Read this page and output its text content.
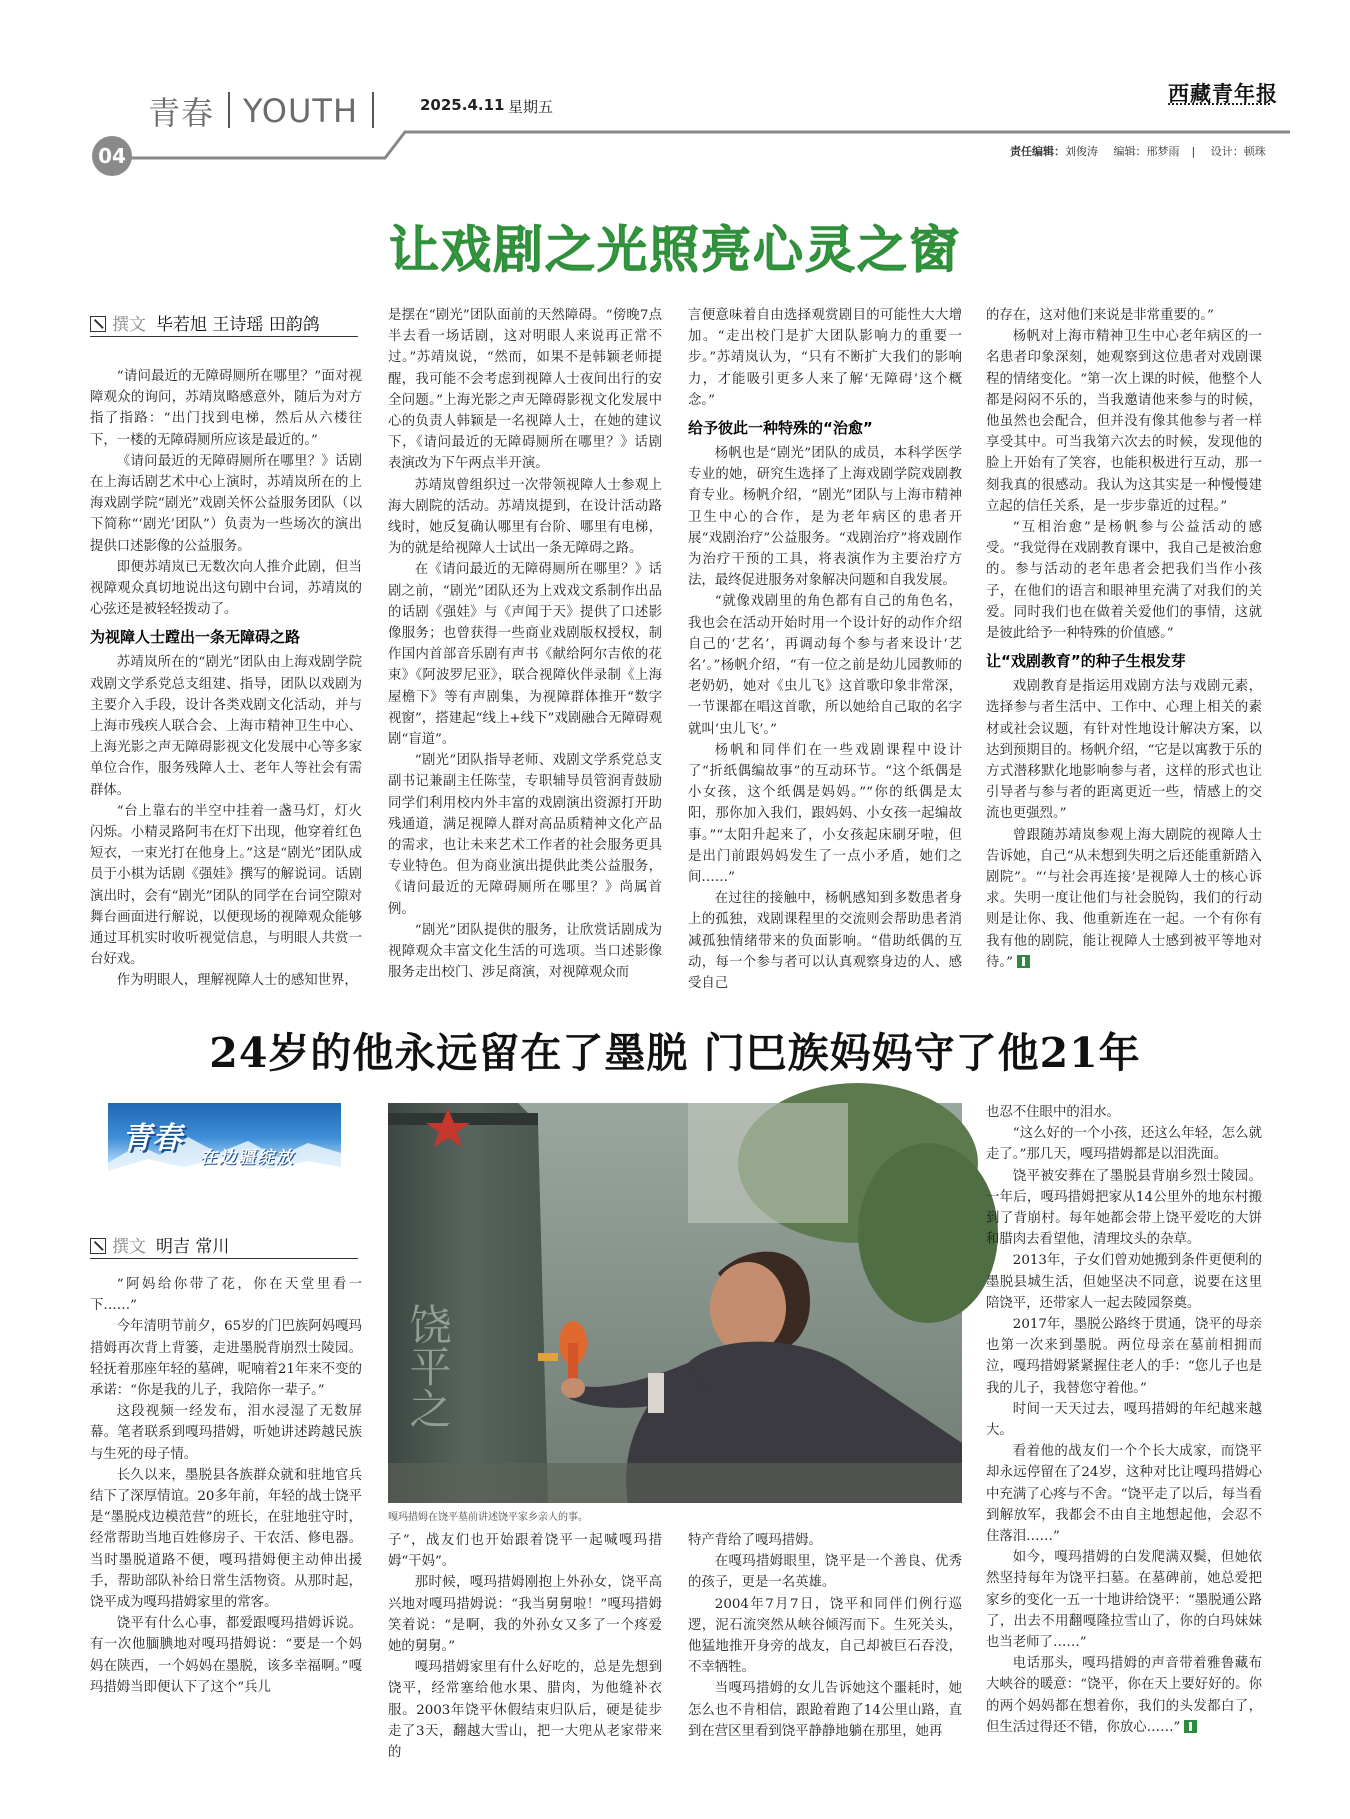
青春 YOUTH	2025.4.11 星期五
西藏青年报
04	责任编辑：刘俊涛 编辑：邢梦雨 | 设计：顿珠
让戏剧之光照亮心灵之窗
撰文 毕若旭 王诗瑶 田韵鸽

“请问最近的无障碍厕所在哪里？”面对视障观众的询问，苏靖岚略感意外，随后为对方指了指路：“出门找到电梯，然后从六楼往下，一楼的无障碍厕所应该是最近的。”

《请问最近的无障碍厕所在哪里？》话剧在上海话剧艺术中心上演时，苏靖岚所在的上海戏剧学院“剧光”戏剧关怀公益服务团队（以下简称“‘剧光’团队”）负责为一些场次的演出提供口述影像的公益服务。

即便苏靖岚已无数次向人推介此剧，但当视障观众真切地说出这句剧中台词，苏靖岚的心弦还是被轻轻拨动了。

为视障人士蹚出一条无障碍之路

苏靖岚所在的“剧光”团队由上海戏剧学院戏剧文学系党总支组建、指导，团队以戏剧为主要介入手段，设计各类戏剧文化活动，并与上海市残疾人联合会、上海市精神卫生中心、上海光影之声无障碍影视文化发展中心等多家单位合作，服务残障人士、老年人等社会有需群体。

“台上靠右的半空中挂着一盏马灯，灯火闪烁。小精灵路阿韦在灯下出现，他穿着红色短衣，一束光打在他身上。”这是“剧光”团队成员于小棋为话剧《强娃》撰写的解说词。话剧演出时，会有“剧光”团队的同学在台词空隙对舞台画面进行解说，以便现场的视障观众能够通过耳机实时收听视觉信息，与明眼人共赏一台好戏。

作为明眼人，理解视障人士的感知世界，

是摆在“剧光”团队面前的天然障碍。“傍晚7点半去看一场话剧，这对明眼人来说再正常不过。”苏靖岚说，“然而，如果不是韩颖老师提醒，我可能不会考虑到视障人士夜间出行的安全问题。”上海光影之声无障碍影视文化发展中心的负责人韩颖是一名视障人士，在她的建议下，《请问最近的无障碍厕所在哪里？》话剧表演改为下午两点半开演。

苏靖岚曾组织过一次带领视障人士参观上海大剧院的活动。苏靖岚提到，在设计活动路线时，她反复确认哪里有台阶、哪里有电梯，为的就是给视障人士试出一条无障碍之路。

在《请问最近的无障碍厕所在哪里？》话剧之前，“剧光”团队还为上戏戏文系制作出品的话剧《强娃》与《声闻于天》提供了口述影像服务；也曾获得一些商业戏剧版权授权，制作国内首部音乐剧有声书《献给阿尔吉侬的花束》《阿波罗尼亚》，联合视障伙伴录制《上海屋檐下》等有声剧集，为视障群体推开“数字视窗”，搭建起“线上+线下”戏剧融合无障碍观剧“盲道”。

“剧光”团队指导老师、戏剧文学系党总支副书记兼副主任陈莹，专职辅导员管润青鼓励同学们利用校内外丰富的戏剧演出资源打开助残通道，满足视障人群对高品质精神文化产品的需求，也让未来艺术工作者的社会服务更具专业特色。但为商业演出提供此类公益服务，《请问最近的无障碍厕所在哪里？》尚属首例。

“剧光”团队提供的服务，让欣赏话剧成为视障观众丰富文化生活的可选项。当口述影像服务走出校门、涉足商演，对视障观众而

言便意味着自由选择观赏剧目的可能性大大增加。“走出校门是扩大团队影响力的重要一步。”苏靖岚认为，“只有不断扩大我们的影响力，才能吸引更多人来了解‘无障碍’这个概念。”

给予彼此一种特殊的“治愈”

杨帆也是“剧光”团队的成员，本科学医学专业的她，研究生选择了上海戏剧学院戏剧教育专业。杨帆介绍，“剧光”团队与上海市精神卫生中心的合作，是为老年病区的患者开展“戏剧治疗”公益服务。“戏剧治疗”将戏剧作为治疗干预的工具，将表演作为主要治疗方法，最终促进服务对象解决问题和自我发展。

“就像戏剧里的角色都有自己的角色名，我也会在活动开始时用一个设计好的动作介绍自己的‘艺名’，再调动每个参与者来设计‘艺名’。”杨帆介绍，“有一位之前是幼儿园教师的老奶奶，她对《虫儿飞》这首歌印象非常深，一节课都在唱这首歌，所以她给自己取的名字就叫‘虫儿飞’。”

杨帆和同伴们在一些戏剧课程中设计了“折纸偶编故事”的互动环节。“这个纸偶是小女孩，这个纸偶是妈妈。”“你的纸偶是太阳，那你加入我们，跟妈妈、小女孩一起编故事。”“太阳升起来了，小女孩起床刷牙啦，但是出门前跟妈妈发生了一点小矛盾，她们之间……”

在过往的接触中，杨帆感知到多数患者身上的孤独，戏剧课程里的交流则会帮助患者消减孤独情绪带来的负面影响。“借助纸偶的互动，每一个参与者可以认真观察身边的人、感受自己

的存在，这对他们来说是非常重要的。”

杨帆对上海市精神卫生中心老年病区的一名患者印象深刻，她观察到这位患者对戏剧课程的情绪变化。“第一次上课的时候，他整个人都是闷闷不乐的，当我邀请他来参与的时候，他虽然也会配合，但并没有像其他参与者一样享受其中。可当我第六次去的时候，发现他的脸上开始有了笑容，也能积极进行互动，那一刻我真的很感动。我认为这其实是一种慢慢建立起的信任关系，是一步步靠近的过程。”

“互相治愈”是杨帆参与公益活动的感受。“我觉得在戏剧教育课中，我自己是被治愈的。参与活动的老年患者会把我们当作小孩子，在他们的语言和眼神里充满了对我们的关爱。同时我们也在做着关爱他们的事情，这就是彼此给予一种特殊的价值感。”

让“戏剧教育”的种子生根发芽

戏剧教育是指运用戏剧方法与戏剧元素，选择参与者生活中、工作中、心理上相关的素材或社会议题，有针对性地设计解决方案，以达到预期目的。杨帆介绍，“它是以寓教于乐的方式潜移默化地影响参与者，这样的形式也让引导者与参与者的距离更近一些，情感上的交流也更强烈。”

曾跟随苏靖岚参观上海大剧院的视障人士告诉她，自己“从未想到失明之后还能重新踏入剧院”。“‘与社会再连接’是视障人士的核心诉求。失明一度让他们与社会脱钩，我们的行动则是让你、我、他重新连在一起。一个有你有我有他的剧院，能让视障人士感到被平等地对待。”

24岁的他永远留在了墨脱 门巴族妈妈守了他21年
青春
在边疆绽放
撰文 明吉 常川
饶平之
嘎玛措姆在饶平墓前讲述饶平家乡亲人的事。

“阿妈给你带了花，你在天堂里看一下……”

今年清明节前夕，65岁的门巴族阿妈嘎玛措姆再次背上背篓，走进墨脱背崩烈士陵园。轻抚着那座年轻的墓碑，呢喃着21年来不变的承诺：“你是我的儿子，我陪你一辈子。”

这段视频一经发布，泪水浸湿了无数屏幕。笔者联系到嘎玛措姆，听她讲述跨越民族与生死的母子情。

长久以来，墨脱县各族群众就和驻地官兵结下了深厚情谊。20多年前，年轻的战士饶平是“墨脱戍边模范营”的班长，在驻地驻守时，经常帮助当地百姓修房子、干农活、修电器。当时墨脱道路不便，嘎玛措姆便主动伸出援手，帮助部队补给日常生活物资。从那时起，饶平成为嘎玛措姆家里的常客。

饶平有什么心事，都爱跟嘎玛措姆诉说。有一次他腼腆地对嘎玛措姆说：“要是一个妈妈在陕西，一个妈妈在墨脱，该多幸福啊。”嘎玛措姆当即便认下了这个“兵儿

子”，战友们也开始跟着饶平一起喊嘎玛措姆“干妈”。

那时候，嘎玛措姆刚抱上外孙女，饶平高兴地对嘎玛措姆说：“我当舅舅啦！”嘎玛措姆笑着说：“是啊，我的外孙女又多了一个疼爱她的舅舅。”

嘎玛措姆家里有什么好吃的，总是先想到饶平，经常塞给他水果、腊肉，为他缝补衣服。2003年饶平休假结束归队后，硬是徒步走了3天，翻越大雪山，把一大兜从老家带来的

特产背给了嘎玛措姆。

在嘎玛措姆眼里，饶平是一个善良、优秀的孩子，更是一名英雄。

2004年7月7日，饶平和同伴们例行巡逻，泥石流突然从峡谷倾泻而下。生死关头，他猛地推开身旁的战友，自己却被巨石吞没，不幸牺牲。

当嘎玛措姆的女儿告诉她这个噩耗时，她怎么也不肯相信，跟跄着跑了14公里山路，直到在营区里看到饶平静静地躺在那里，她再

也忍不住眼中的泪水。

“这么好的一个小孩，还这么年轻，怎么就走了。”那几天，嘎玛措姆都是以泪洗面。

饶平被安葬在了墨脱县背崩乡烈士陵园。一年后，嘎玛措姆把家从14公里外的地东村搬到了背崩村。每年她都会带上饶平爱吃的大饼和腊肉去看望他，清理坟头的杂草。

2013年，子女们曾劝她搬到条件更便利的墨脱县城生活，但她坚决不同意，说要在这里陪饶平，还带家人一起去陵园祭奠。

2017年，墨脱公路终于贯通，饶平的母亲也第一次来到墨脱。两位母亲在墓前相拥而泣，嘎玛措姆紧紧握住老人的手：“您儿子也是我的儿子，我替您守着他。”

时间一天天过去，嘎玛措姆的年纪越来越大。

看着他的战友们一个个长大成家，而饶平却永远停留在了24岁，这种对比让嘎玛措姆心中充满了心疼与不舍。“饶平走了以后，每当看到解放军，我都会不由自主地想起他，会忍不住落泪……”

如今，嘎玛措姆的白发爬满双鬓，但她依然坚持每年为饶平扫墓。在墓碑前，她总爱把家乡的变化一五一十地讲给饶平：“墨脱通公路了，出去不用翻嘎隆拉雪山了，你的白玛妹妹也当老师了……”

电话那头，嘎玛措姆的声音带着雅鲁藏布大峡谷的暖意：“饶平，你在天上要好好的。你的两个妈妈都在想着你，我们的头发都白了，但生活过得还不错，你放心……”
